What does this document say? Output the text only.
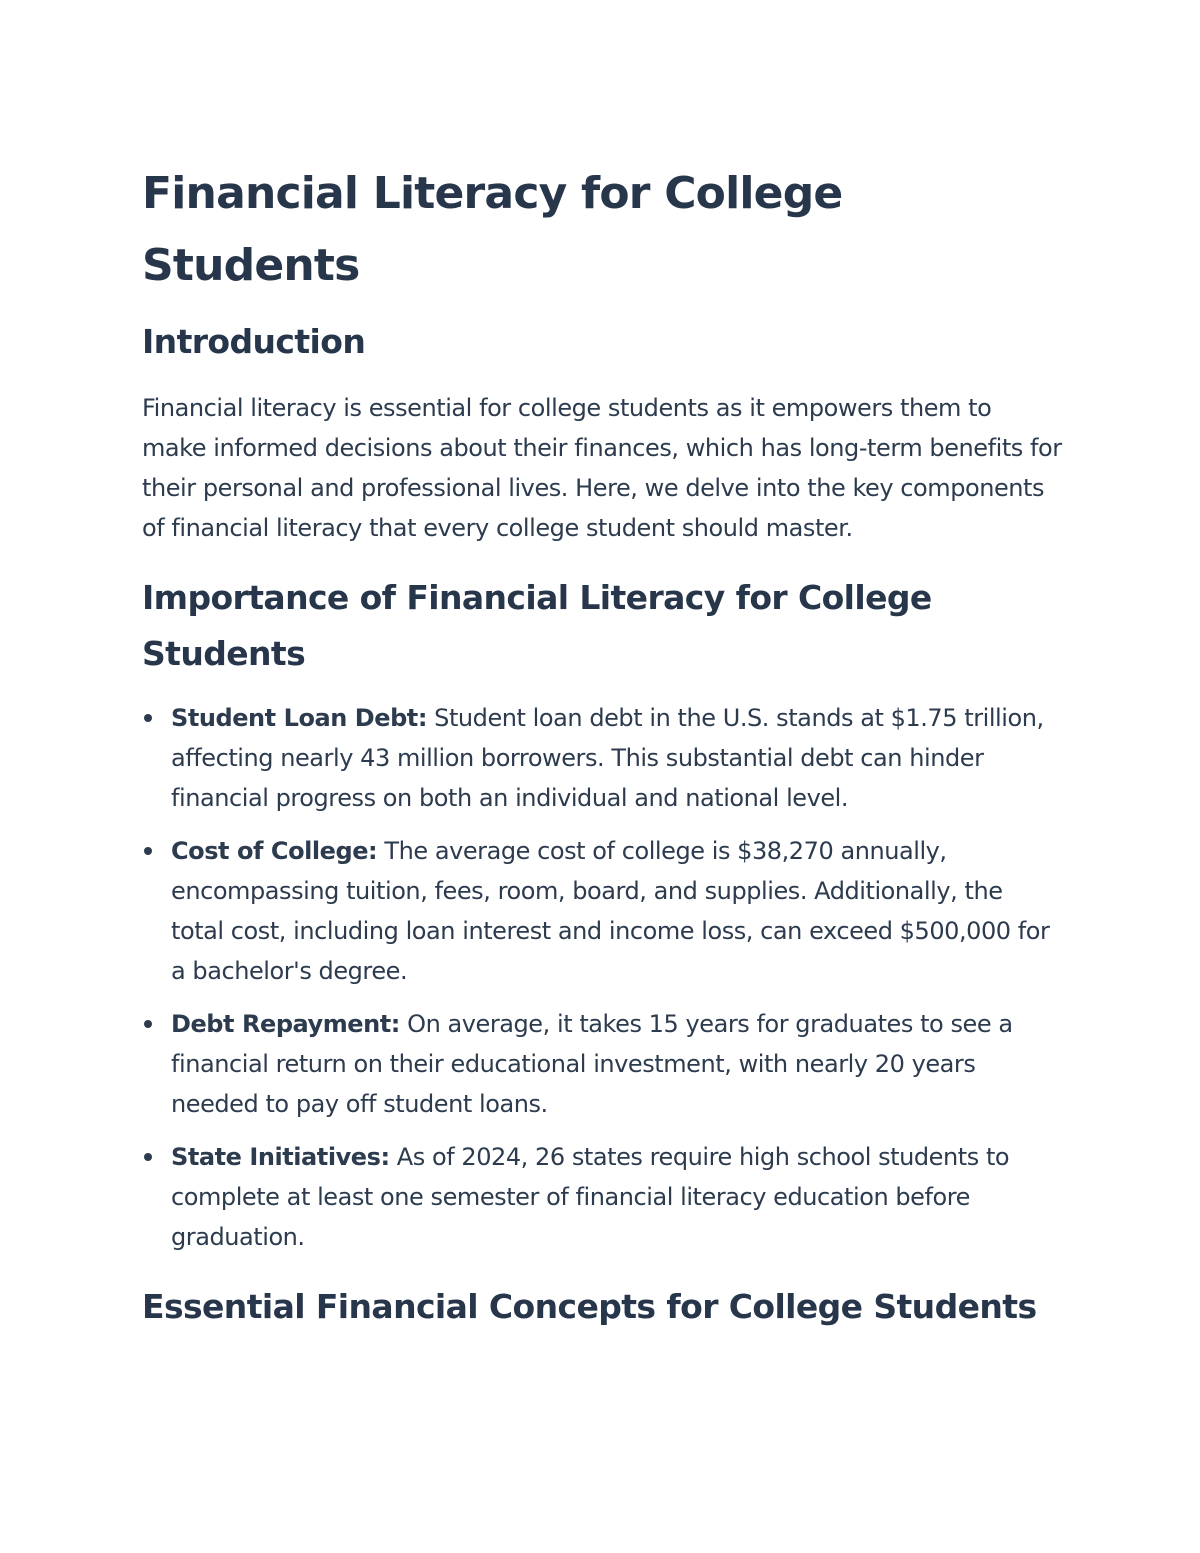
Financial Literacy for College Students
Introduction

Financial literacy is essential for college students as it empowers them to make informed decisions about their finances, which has long-term benefits for their personal and professional lives. Here, we delve into the key components of financial literacy that every college student should master.

Importance of Financial Literacy for College Students
Student Loan Debt: Student loan debt in the U.S. stands at $1.75 trillion, affecting nearly 43 million borrowers. This substantial debt can hinder financial progress on both an individual and national level.
Cost of College: The average cost of college is $38,270 annually, encompassing tuition, fees, room, board, and supplies. Additionally, the total cost, including loan interest and income loss, can exceed $500,000 for a bachelor's degree.
Debt Repayment: On average, it takes 15 years for graduates to see a financial return on their educational investment, with nearly 20 years needed to pay off student loans.
State Initiatives: As of 2024, 26 states require high school students to complete at least one semester of financial literacy education before graduation.
Essential Financial Concepts for College Students
